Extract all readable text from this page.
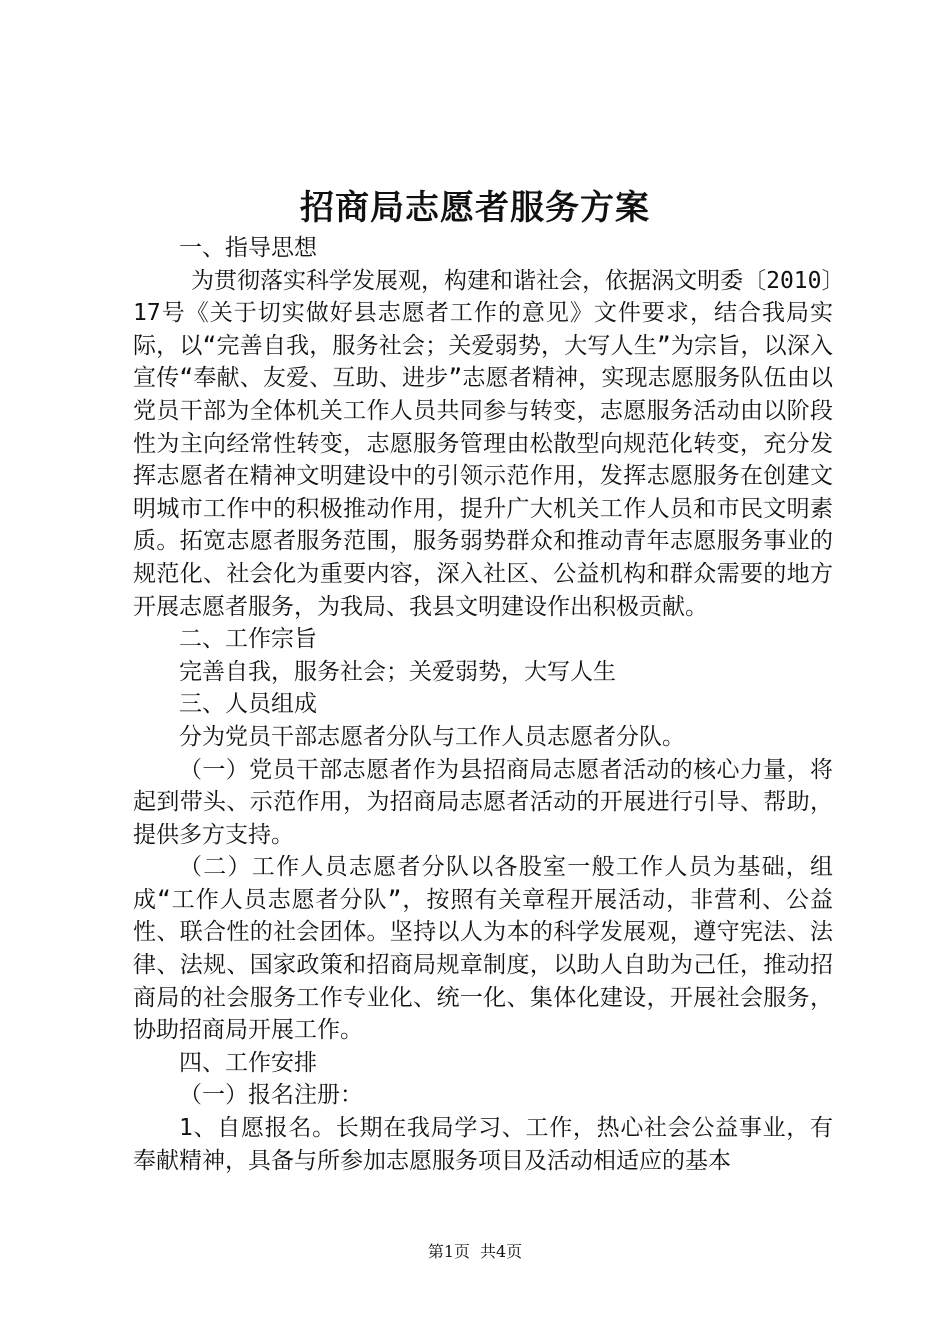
招商局志愿者服务方案

一、指导思想

为贯彻落实科学发展观，构建和谐社会，依据涡文明委〔2010〕17号《关于切实做好县志愿者工作的意见》文件要求，结合我局实际，以“完善自我，服务社会；关爱弱势，大写人生”为宗旨，以深入宣传“奉献、友爱、互助、进步”志愿者精神，实现志愿服务队伍由以党员干部为全体机关工作人员共同参与转变，志愿服务活动由以阶段性为主向经常性转变，志愿服务管理由松散型向规范化转变，充分发挥志愿者在精神文明建设中的引领示范作用，发挥志愿服务在创建文明城市工作中的积极推动作用，提升广大机关工作人员和市民文明素质。拓宽志愿者服务范围，服务弱势群众和推动青年志愿服务事业的规范化、社会化为重要内容，深入社区、公益机构和群众需要的地方开展志愿者服务，为我局、我县文明建设作出积极贡献。

二、工作宗旨

完善自我，服务社会；关爱弱势，大写人生

三、人员组成

分为党员干部志愿者分队与工作人员志愿者分队。

（一）党员干部志愿者作为县招商局志愿者活动的核心力量，将起到带头、示范作用，为招商局志愿者活动的开展进行引导、帮助，提供多方支持。

（二）工作人员志愿者分队以各股室一般工作人员为基础，组成“工作人员志愿者分队”，按照有关章程开展活动，非营利、公益性、联合性的社会团体。坚持以人为本的科学发展观，遵守宪法、法律、法规、国家政策和招商局规章制度，以助人自助为己任，推动招商局的社会服务工作专业化、统一化、集体化建设，开展社会服务，协助招商局开展工作。

四、工作安排

（一）报名注册：

1、自愿报名。长期在我局学习、工作，热心社会公益事业，有奉献精神，具备与所参加志愿服务项目及活动相适应的基本

第1页 共4页
